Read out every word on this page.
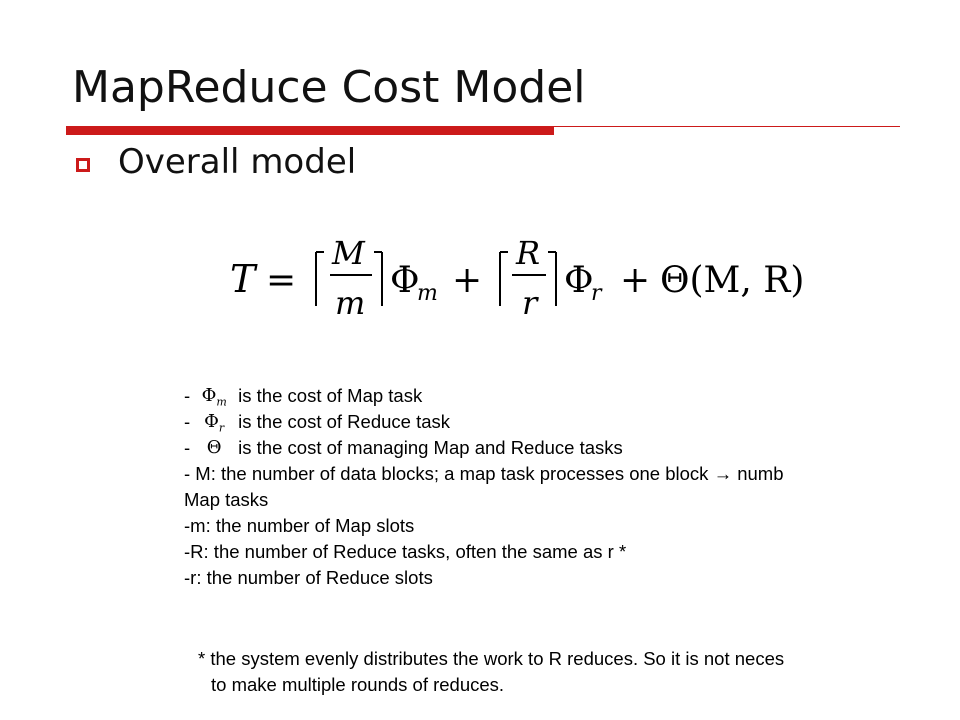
MapReduce Cost Model
Overall model
T =
M
m
Φ
m +
R
r
Φ
r + Θ(M, R)
- $\Phi_m$ is the cost of Map task
- $\Phi_r$ is the cost of Reduce task
- Θ is the cost of managing Map and Reduce tasks
- M: the number of data blocks; a map task processes one block → numb
Map tasks
-m: the number of Map slots
-R: the number of Reduce tasks, often the same as r *
-r: the number of Reduce slots
* the system evenly distributes the work to R reduces. So it is not neces
to make multiple rounds of reduces.
